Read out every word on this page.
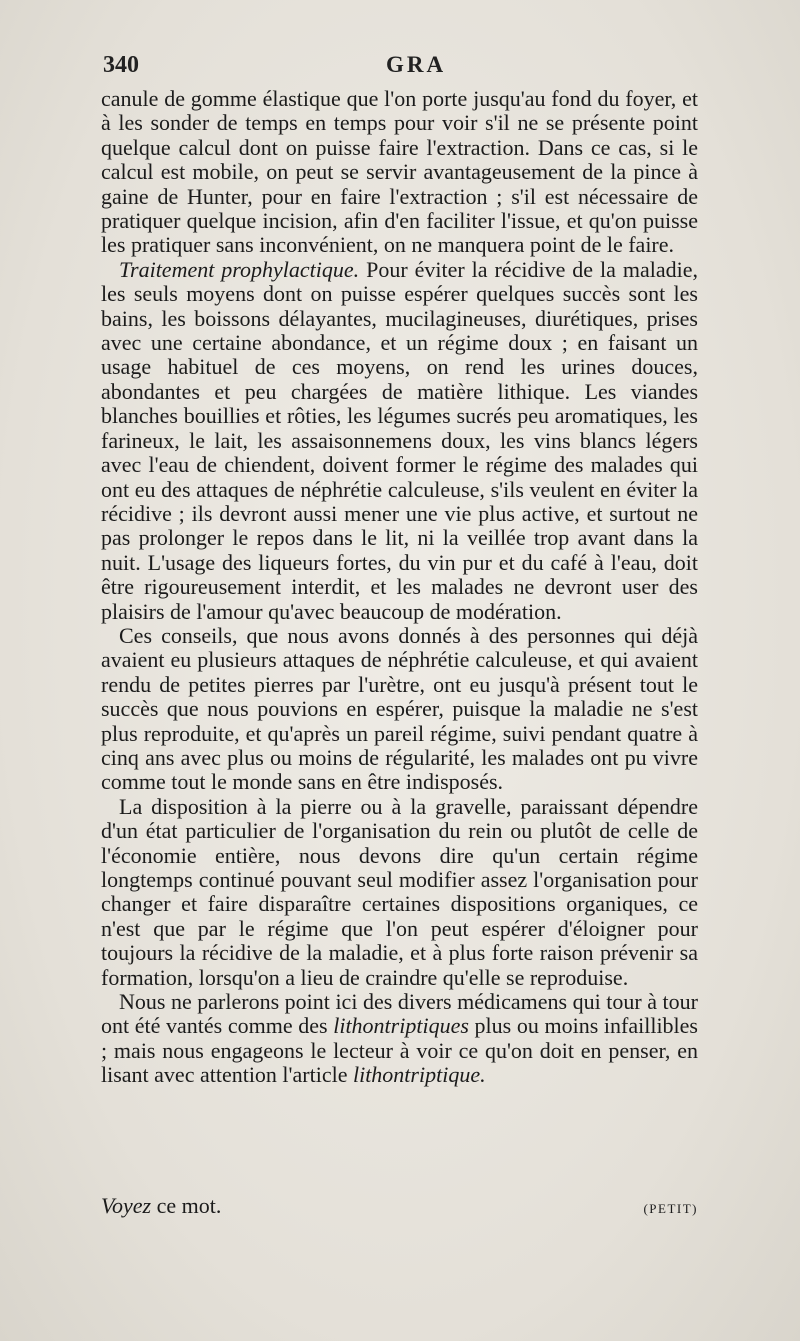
340	GRA

canule de gomme élastique que l'on porte jusqu'au fond du foyer, et à les sonder de temps en temps pour voir s'il ne se présente point quelque calcul dont on puisse faire l'extraction. Dans ce cas, si le calcul est mobile, on peut se servir avantageusement de la pince à gaine de Hunter, pour en faire l'extraction ; s'il est nécessaire de pratiquer quelque incision, afin d'en faciliter l'issue, et qu'on puisse les pratiquer sans inconvénient, on ne manquera point de le faire.

Traitement prophylactique. Pour éviter la récidive de la maladie, les seuls moyens dont on puisse espérer quelques succès sont les bains, les boissons délayantes, mucilagineuses, diurétiques, prises avec une certaine abondance, et un régime doux ; en faisant un usage habituel de ces moyens, on rend les urines douces, abondantes et peu chargées de matière lithique. Les viandes blanches bouillies et rôties, les légumes sucrés peu aromatiques, les farineux, le lait, les assaisonnemens doux, les vins blancs légers avec l'eau de chiendent, doivent former le régime des malades qui ont eu des attaques de néphrétie calculeuse, s'ils veulent en éviter la récidive ; ils devront aussi mener une vie plus active, et surtout ne pas prolonger le repos dans le lit, ni la veillée trop avant dans la nuit. L'usage des liqueurs fortes, du vin pur et du café à l'eau, doit être rigoureusement interdit, et les malades ne devront user des plaisirs de l'amour qu'avec beaucoup de modération.

Ces conseils, que nous avons donnés à des personnes qui déjà avaient eu plusieurs attaques de néphrétie calculeuse, et qui avaient rendu de petites pierres par l'urètre, ont eu jusqu'à présent tout le succès que nous pouvions en espérer, puisque la maladie ne s'est plus reproduite, et qu'après un pareil régime, suivi pendant quatre à cinq ans avec plus ou moins de régularité, les malades ont pu vivre comme tout le monde sans en être indisposés.

La disposition à la pierre ou à la gravelle, paraissant dépendre d'un état particulier de l'organisation du rein ou plutôt de celle de l'économie entière, nous devons dire qu'un certain régime longtemps continué pouvant seul modifier assez l'organisation pour changer et faire disparaître certaines dispositions organiques, ce n'est que par le régime que l'on peut espérer d'éloigner pour toujours la récidive de la maladie, et à plus forte raison prévenir sa formation, lorsqu'on a lieu de craindre qu'elle se reproduise.

Nous ne parlerons point ici des divers médicamens qui tour à tour ont été vantés comme des lithontriptiques plus ou moins infaillibles ; mais nous engageons le lecteur à voir ce qu'on doit en penser, en lisant avec attention l'article lithontriptique.

Voyez ce mot.	(PETIT)
